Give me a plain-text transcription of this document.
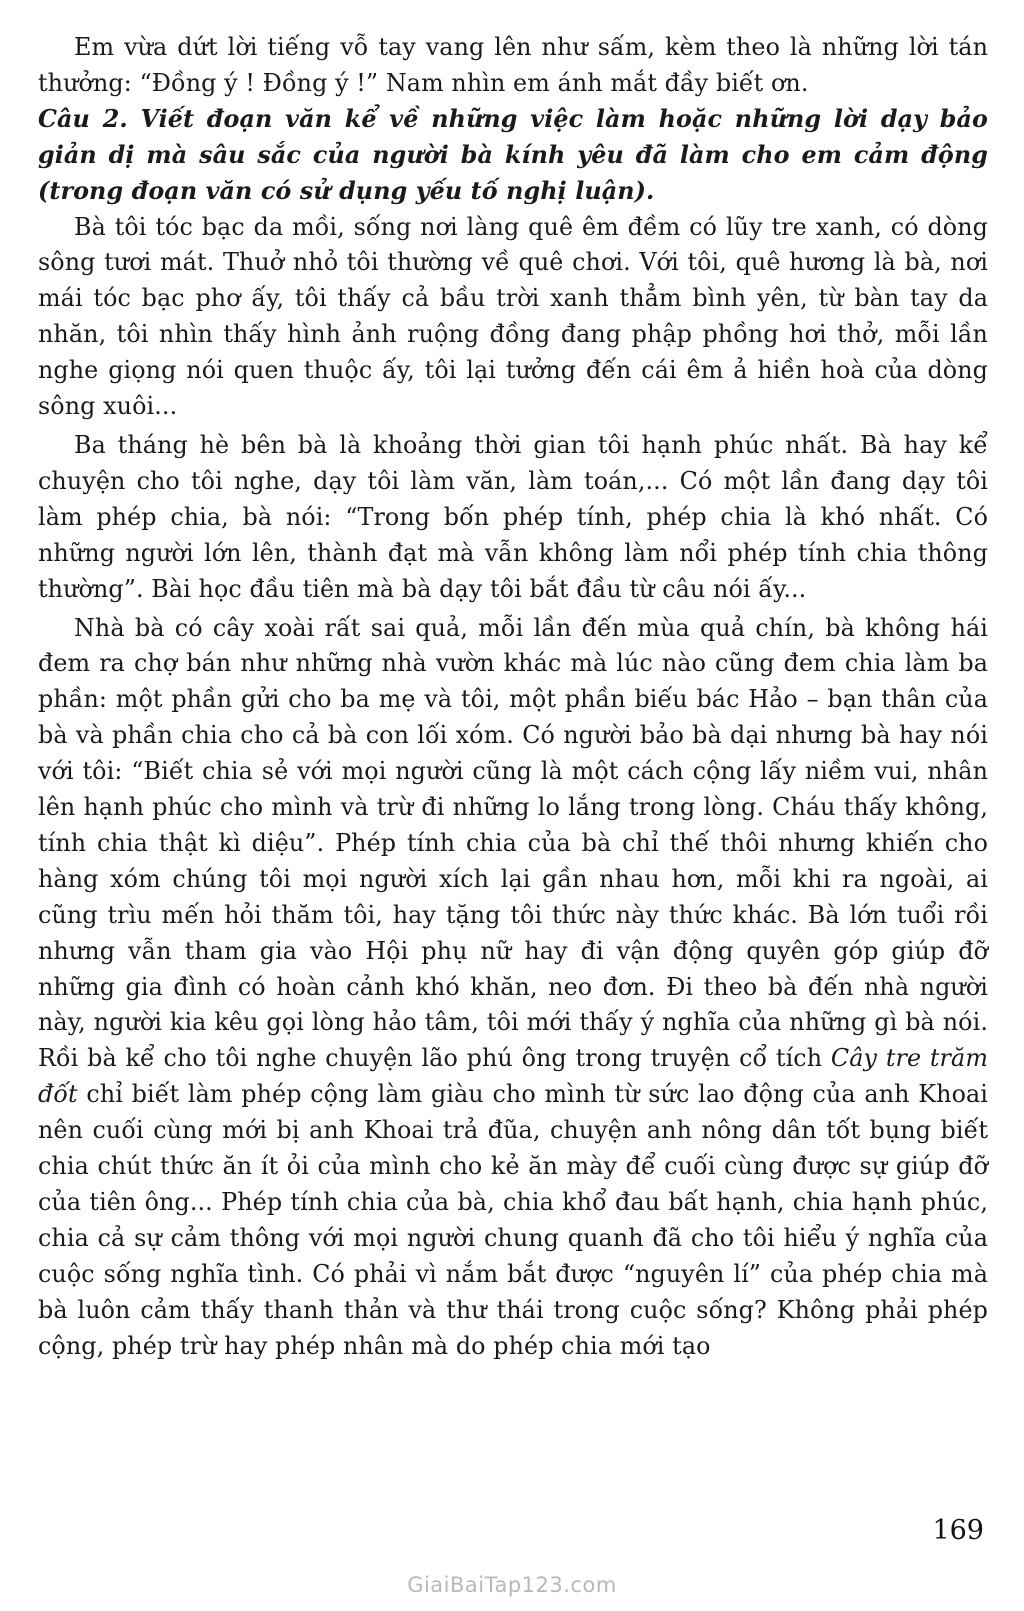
Em vừa dứt lời tiếng vỗ tay vang lên như sấm, kèm theo là những lời tán thưởng: “Đồng ý ! Đồng ý !” Nam nhìn em ánh mắt đầy biết ơn.

Câu 2. Viết đoạn văn kể về những việc làm hoặc những lời dạy bảo giản dị mà sâu sắc của người bà kính yêu đã làm cho em cảm động (trong đoạn văn có sử dụng yếu tố nghị luận).

Bà tôi tóc bạc da mồi, sống nơi làng quê êm đềm có lũy tre xanh, có dòng sông tươi mát. Thuở nhỏ tôi thường về quê chơi. Với tôi, quê hương là bà, nơi mái tóc bạc phơ ấy, tôi thấy cả bầu trời xanh thẳm bình yên, từ bàn tay da nhăn, tôi nhìn thấy hình ảnh ruộng đồng đang phập phồng hơi thở, mỗi lần nghe giọng nói quen thuộc ấy, tôi lại tưởng đến cái êm ả hiền hoà của dòng sông xuôi...

Ba tháng hè bên bà là khoảng thời gian tôi hạnh phúc nhất. Bà hay kể chuyện cho tôi nghe, dạy tôi làm văn, làm toán,... Có một lần đang dạy tôi làm phép chia, bà nói: “Trong bốn phép tính, phép chia là khó nhất. Có những người lớn lên, thành đạt mà vẫn không làm nổi phép tính chia thông thường”. Bài học đầu tiên mà bà dạy tôi bắt đầu từ câu nói ấy...

Nhà bà có cây xoài rất sai quả, mỗi lần đến mùa quả chín, bà không hái đem ra chợ bán như những nhà vườn khác mà lúc nào cũng đem chia làm ba phần: một phần gửi cho ba mẹ và tôi, một phần biếu bác Hảo – bạn thân của bà và phần chia cho cả bà con lối xóm. Có người bảo bà dại nhưng bà hay nói với tôi: “Biết chia sẻ với mọi người cũng là một cách cộng lấy niềm vui, nhân lên hạnh phúc cho mình và trừ đi những lo lắng trong lòng. Cháu thấy không, tính chia thật kì diệu”. Phép tính chia của bà chỉ thế thôi nhưng khiến cho hàng xóm chúng tôi mọi người xích lại gần nhau hơn, mỗi khi ra ngoài, ai cũng trìu mến hỏi thăm tôi, hay tặng tôi thức này thức khác. Bà lớn tuổi rồi nhưng vẫn tham gia vào Hội phụ nữ hay đi vận động quyên góp giúp đỡ những gia đình có hoàn cảnh khó khăn, neo đơn. Đi theo bà đến nhà người này, người kia kêu gọi lòng hảo tâm, tôi mới thấy ý nghĩa của những gì bà nói. Rồi bà kể cho tôi nghe chuyện lão phú ông trong truyện cổ tích Cây tre trăm đốt chỉ biết làm phép cộng làm giàu cho mình từ sức lao động của anh Khoai nên cuối cùng mới bị anh Khoai trả đũa, chuyện anh nông dân tốt bụng biết chia chút thức ăn ít ỏi của mình cho kẻ ăn mày để cuối cùng được sự giúp đỡ của tiên ông... Phép tính chia của bà, chia khổ đau bất hạnh, chia hạnh phúc, chia cả sự cảm thông với mọi người chung quanh đã cho tôi hiểu ý nghĩa của cuộc sống nghĩa tình. Có phải vì nắm bắt được “nguyên lí” của phép chia mà bà luôn cảm thấy thanh thản và thư thái trong cuộc sống? Không phải phép cộng, phép trừ hay phép nhân mà do phép chia mới tạo

169
GiaiBaiTap123.com
